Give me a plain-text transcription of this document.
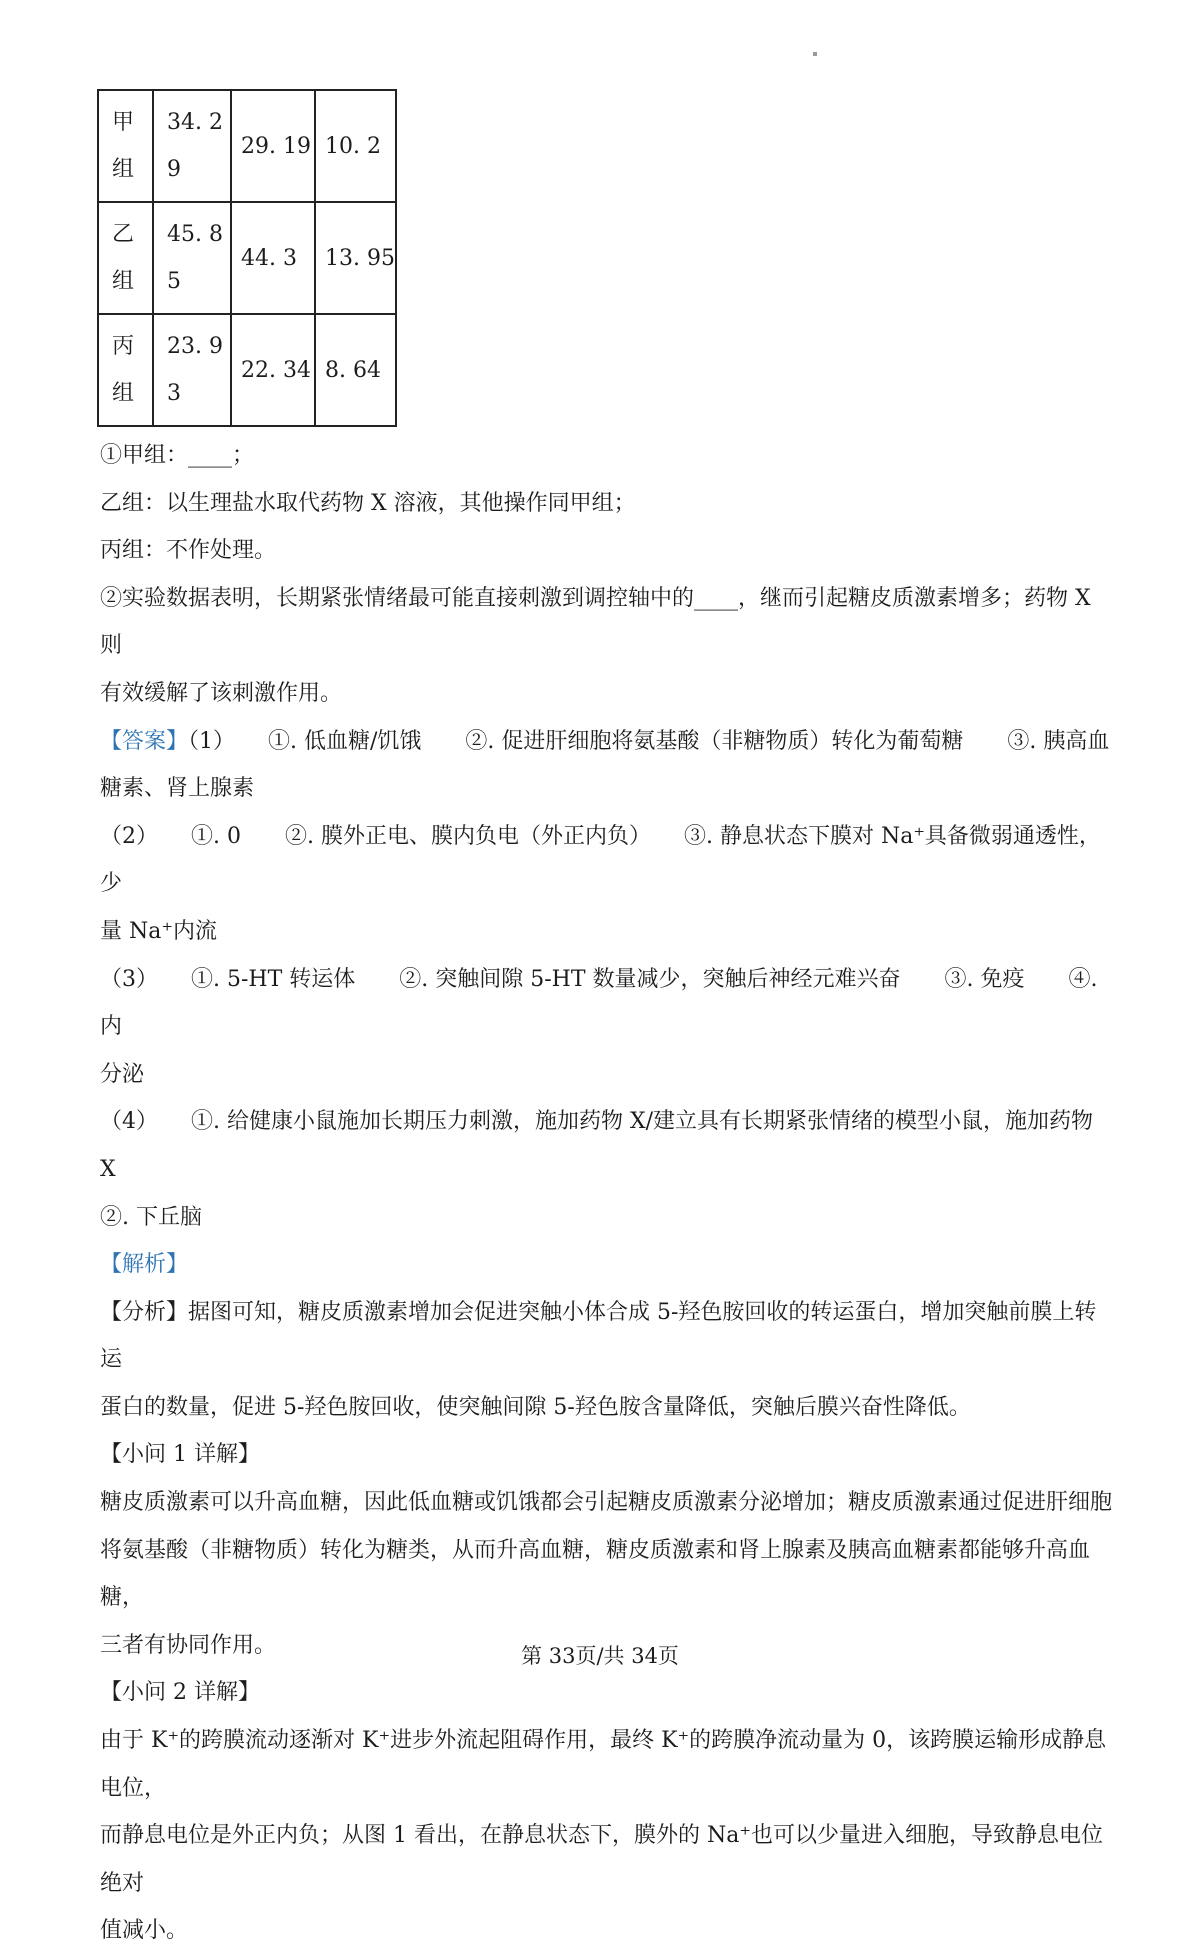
甲组	34. 29	29. 19	10. 2
乙组	45. 85	44. 3	13. 95
丙组	23. 93	22. 34	8. 64

①甲组：____；

乙组：以生理盐水取代药物 X 溶液，其他操作同甲组；

丙组：不作处理。

②实验数据表明，长期紧张情绪最可能直接刺激到调控轴中的____，继而引起糖皮质激素增多；药物 X 则

有效缓解了该刺激作用。

【答案】（1）　　①. 低血糖/饥饿　　②. 促进肝细胞将氨基酸（非糖物质）转化为葡萄糖　　③. 胰高血

糖素、肾上腺素

（2）　　①. 0　　②. 膜外正电、膜内负电（外正内负）　　③. 静息状态下膜对 Na⁺具备微弱通透性，少

量 Na⁺内流

（3）　　①. 5-HT 转运体　　②. 突触间隙 5-HT 数量减少，突触后神经元难兴奋　　③. 免疫　　④. 内

分泌

（4）　　①. 给健康小鼠施加长期压力刺激，施加药物 X/建立具有长期紧张情绪的模型小鼠，施加药物 X

②. 下丘脑

【解析】

【分析】据图可知，糖皮质激素增加会促进突触小体合成 5-羟色胺回收的转运蛋白，增加突触前膜上转运

蛋白的数量，促进 5-羟色胺回收，使突触间隙 5-羟色胺含量降低，突触后膜兴奋性降低。

【小问 1 详解】

糖皮质激素可以升高血糖，因此低血糖或饥饿都会引起糖皮质激素分泌增加；糖皮质激素通过促进肝细胞

将氨基酸（非糖物质）转化为糖类，从而升高血糖，糖皮质激素和肾上腺素及胰高血糖素都能够升高血糖，

三者有协同作用。

【小问 2 详解】

由于 K⁺的跨膜流动逐渐对 K⁺进步外流起阻碍作用，最终 K⁺的跨膜净流动量为 0，该跨膜运输形成静息电位，

而静息电位是外正内负；从图 1 看出，在静息状态下，膜外的 Na⁺也可以少量进入细胞，导致静息电位绝对

值减小。

第 33页/共 34页
